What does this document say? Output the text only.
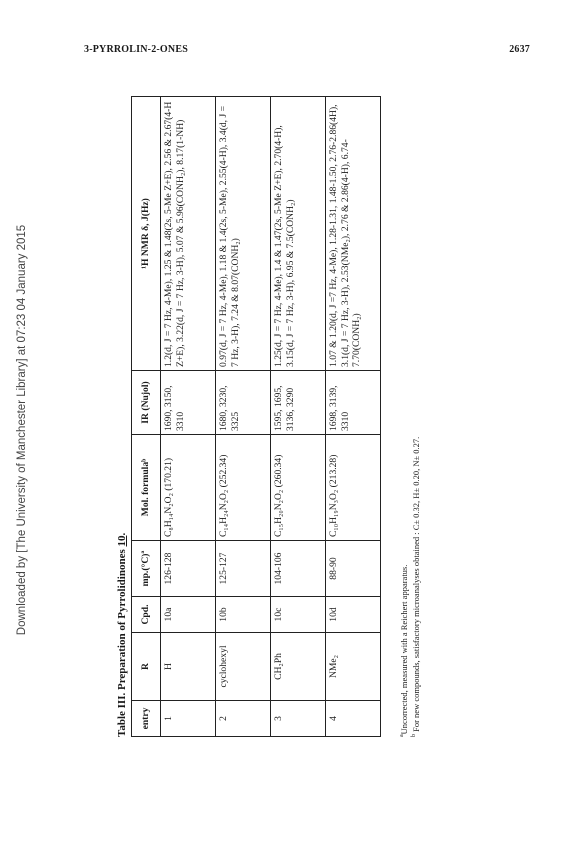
3-PYRROLIN-2-ONES	2637
Downloaded by [The University of Manchester Library] at 07:23 04 January 2015
Table III. Preparation of Pyrrolidinones 10.
entry	R	Cpd.	mp.(°C)ª	Mol. formulaᵇ	IR (Nujol)	¹H NMR δ, J(Hz)
1	H	10a	126-128	C₈H₁₄N₂O₂ (170.21)	1690, 3150, 3310	1.2(d, J = 7 Hz, 4-Me), 1.25 & 1.48(2s, 5-Me Z+E), 2.56 & 2.67(4-H Z+E), 3.22(d, J = 7 Hz, 3-H), 5.07 & 5.96(CONH₂), 8.17(1-NH)
2	cyclohexyl	10b	125-127	C₁₄H₂₄N₂O₂ (252.34)	1680, 3230, 3325	0.97(d, J = 7 Hz, 4-Me), 1.18 & 1.4(2s, 5-Me), 2.55(4-H), 3.4(d, J = 7 Hz, 3-H), 7.24 & 8.07(CONH₂)
3	CH₂Ph	10c	104-106	C₁₅H₂₀N₂O₂ (260.34)	1595, 1695, 3136, 3290	1.25(d, J = 7 Hz, 4-Me), 1.4 & 1.47(2s, 5-Me Z+E), 2.70(4-H), 3.15(d, J = 7 Hz, 3-H), 6.95 & 7.5(CONH₂)
4	NMe₂	10d	88-90	C₁₀H₁₉N₃O₂ (213.28)	1698, 3139, 3310	1.07 & 1.20(d, J =7 Hz, 4-Me), 1.28-1.31, 1.48-1.50, 2.76-2.86(4H), 3.1(d, J = 7 Hz, 3-H), 2.53(NMe₂), 2.76 & 2.86(4-H), 6.74-7.70(CONH₂)
$^a$Uncorrected, measured with a Reichert apparatus.
$^b$ For new compounds, satisfactory microanalyses obtained : C± 0.32, H± 0.20, N± 0.27.
